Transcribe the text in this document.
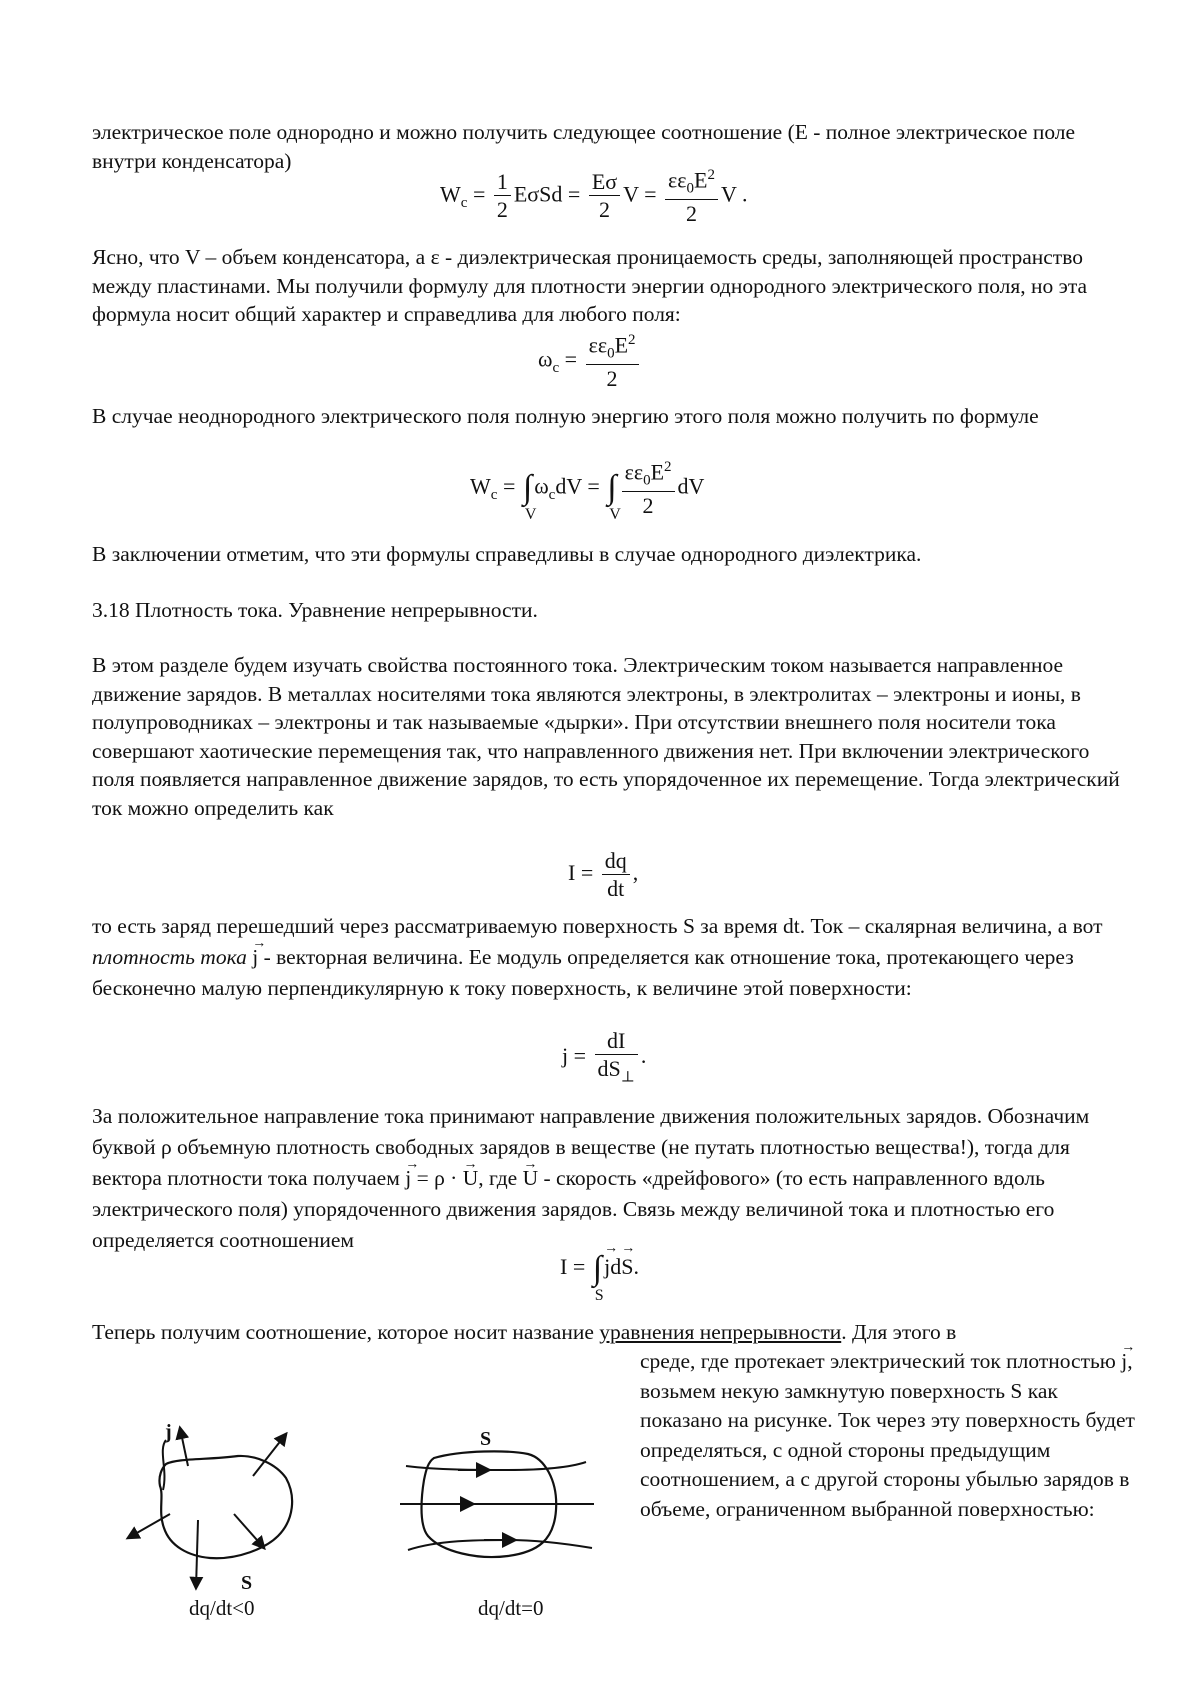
электрическое поле однородно и можно получить следующее соотношение (E - полное электрическое поле внутри конденсатора)

$W_c = \frac{1}{2}$ $E\sigma Sd = \frac{E\sigma}{2}$ $V = \frac{\varepsilon\varepsilon_0E^2}{2}$ V .

Ясно, что V – объем конденсатора, а ε - диэлектрическая проницаемость среды, заполняющей пространство между пластинами. Мы получили формулу для плотности энергии однородного электрического поля, но эта формула носит общий характер и справедлива для любого поля:

$\omega_c = \frac{\varepsilon\varepsilon_0E^2}{2}$

В случае неоднородного электрического поля полную энергию этого поля можно получить по формуле

$W_c$ = ∫
V
$\omega_cdV$ = ∫
V $\frac{\varepsilon\varepsilon_0E^2}{2}$ dV

В заключении отметим, что эти формулы справедливы в случае однородного диэлектрика.

3.18 Плотность тока. Уравнение непрерывности.

В этом разделе будем изучать свойства постоянного тока. Электрическим током называется направленное движение зарядов. В металлах носителями тока являются электроны, в электролитах – электроны и ионы, в полупроводниках – электроны и так называемые «дырки». При отсутствии внешнего поля носители тока совершают хаотические перемещения так, что направленного движения нет. При включении электрического поля появляется направленное движение зарядов, то есть упорядоченное их перемещение. Тогда электрический ток можно определить как

$I = \frac{dq}{dt}$ ,

то есть заряд перешедший через рассматриваемую поверхность S за время dt. Ток – скалярная величина, а вот плотность тока → j - векторная величина. Ее модуль определяется как отношение тока, протекающего через бесконечно малую перпендикулярную к току поверхность, к величине этой поверхности:

$j = \frac{dI}{dS_\perp}$ .

За положительное направление тока принимают направление движения положительных зарядов. Обозначим буквой ρ объемную плотность свободных зарядов в веществе (не путать плотностью вещества!), тогда для вектора плотности тока получаем → j = ρ · → U, где → U - скорость «дрейфового» (то есть направленного вдоль электрического поля) упорядоченного движения зарядов. Связь между величиной тока и плотностью его определяется соотношением

I = ∫
S
→ jd→ S.

Теперь получим соотношение, которое носит название уравнения непрерывности. Для этого в

среде, где протекает электрический ток плотностью → j, возьмем некую замкнутую поверхность S как показано на рисунке. Ток через эту поверхность будет определяться, с одной стороны предыдущим соотношением, а с другой стороны убылью зарядов в объеме, ограниченном выбранной поверхностью:

j
S
dq/dt<0
S
dq/dt=0
